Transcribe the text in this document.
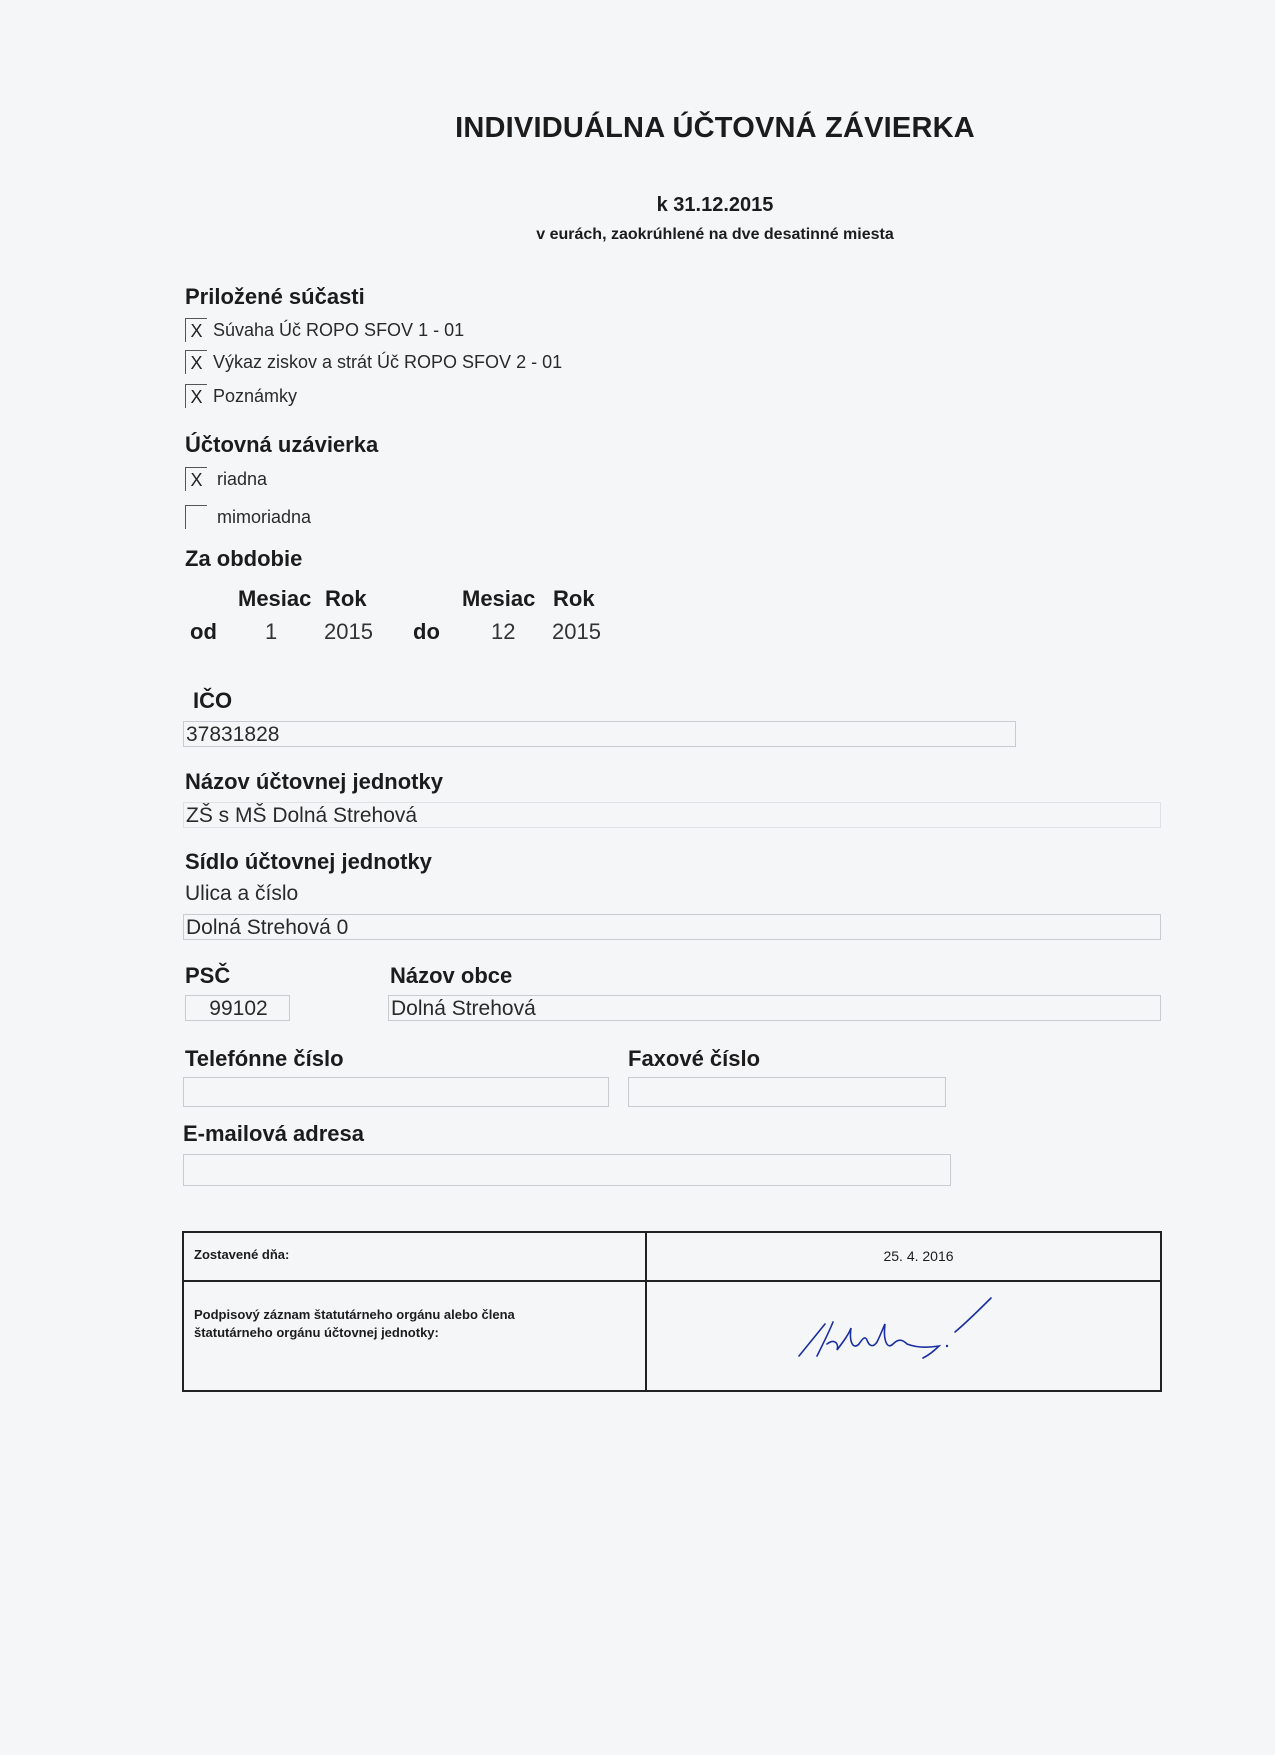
INDIVIDUÁLNA ÚČTOVNÁ ZÁVIERKA
k 31.12.2015
v eurách, zaokrúhlené na dve desatinné miesta
Priložené súčasti
X Súvaha Úč ROPO SFOV 1 - 01
X Výkaz ziskov a strát Úč ROPO SFOV 2 - 01
X Poznámky
Účtovná uzávierka
X riadna
mimoriadna
Za obdobie
Mesiac Rok	Mesiac Rok
od 1 2015 do 12 2015
IČO
37831828
Názov účtovnej jednotky
ZŠ s MŠ Dolná Strehová
Sídlo účtovnej jednotky
Ulica a číslo
Dolná Strehová 0
PSČ	Názov obce
99102	Dolná Strehová
Telefónne číslo	Faxové číslo
E-mailová adresa
Zostavené dňa:	25. 4. 2016

Podpisový záznam štatutárneho orgánu alebo člena
štatutárneho orgánu účtovnej jednotky:
